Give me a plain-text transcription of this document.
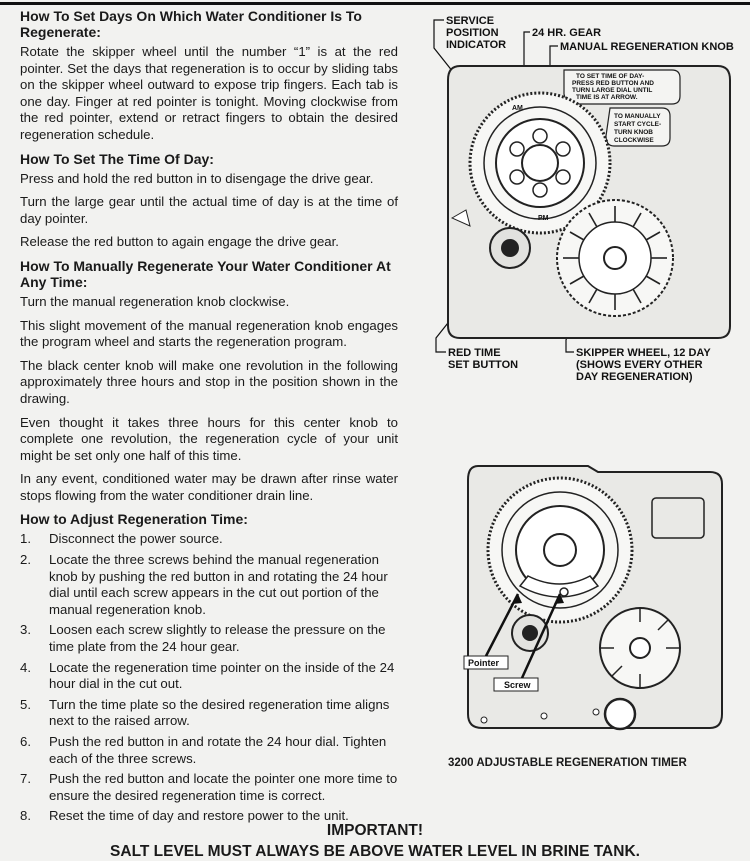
How To Set Days On Which Water Conditioner Is To Regenerate:

Rotate the skipper wheel until the number “1” is at the red pointer. Set the days that regeneration is to occur by sliding tabs on the skipper wheel outward to expose trip fingers. Each tab is one day. Finger at red pointer is tonight. Moving clockwise from the red pointer, extend or retract fingers to obtain the desired regeneration schedule.

How To Set The Time Of Day:

Press and hold the red button in to disengage the drive gear.

Turn the large gear until the actual time of day is at the time of day pointer.

Release the red button to again engage the drive gear.

How To Manually Regenerate Your Water Conditioner At Any Time:

Turn the manual regeneration knob clockwise.

This slight movement of the manual regeneration knob engages the program wheel and starts the regeneration program.

The black center knob will make one revolution in the following approximately three hours and stop in the position shown in the drawing.

Even thought it takes three hours for this center knob to complete one revolution, the regeneration cycle of your unit might be set only one half of this time.

In any event, conditioned water may be drawn after rinse water stops flowing from the water conditioner drain line.

How to Adjust Regeneration Time:
1. Disconnect the power source.
2. Locate the three screws behind the manual regeneration knob by pushing the red button in and rotating the 24 hour dial until each screw appears in the cut out portion of the manual regeneration knob.
3. Loosen each screw slightly to release the pressure on the time plate from the 24 hour gear.
4. Locate the regeneration time pointer on the inside of the 24 hour dial in the cut out.
5. Turn the time plate so the desired regeneration time aligns next to the raised arrow.
6. Push the red button in and rotate the 24 hour dial. Tighten each of the three screws.
7. Push the red button and locate the pointer one more time to ensure the desired regeneration time is correct.
8. Reset the time of day and restore power to the unit.
SERVICE
POSITION
INDICATOR
24 HR. GEAR
MANUAL REGENERATION KNOB
RED TIME
SET BUTTON
SKIPPER WHEEL, 12 DAY
(SHOWS EVERY OTHER
DAY REGENERATION)
TO SET TIME OF DAY-
PRESS RED BUTTON AND
TURN LARGE DIAL UNTIL
TIME IS AT ARROW.
TO MANUALLY
START CYCLE-
TURN KNOB
CLOCKWISE
AM
PM
Pointer
Screw
3200 ADJUSTABLE REGENERATION TIMER
IMPORTANT!
SALT LEVEL MUST ALWAYS BE ABOVE WATER LEVEL IN BRINE TANK.
